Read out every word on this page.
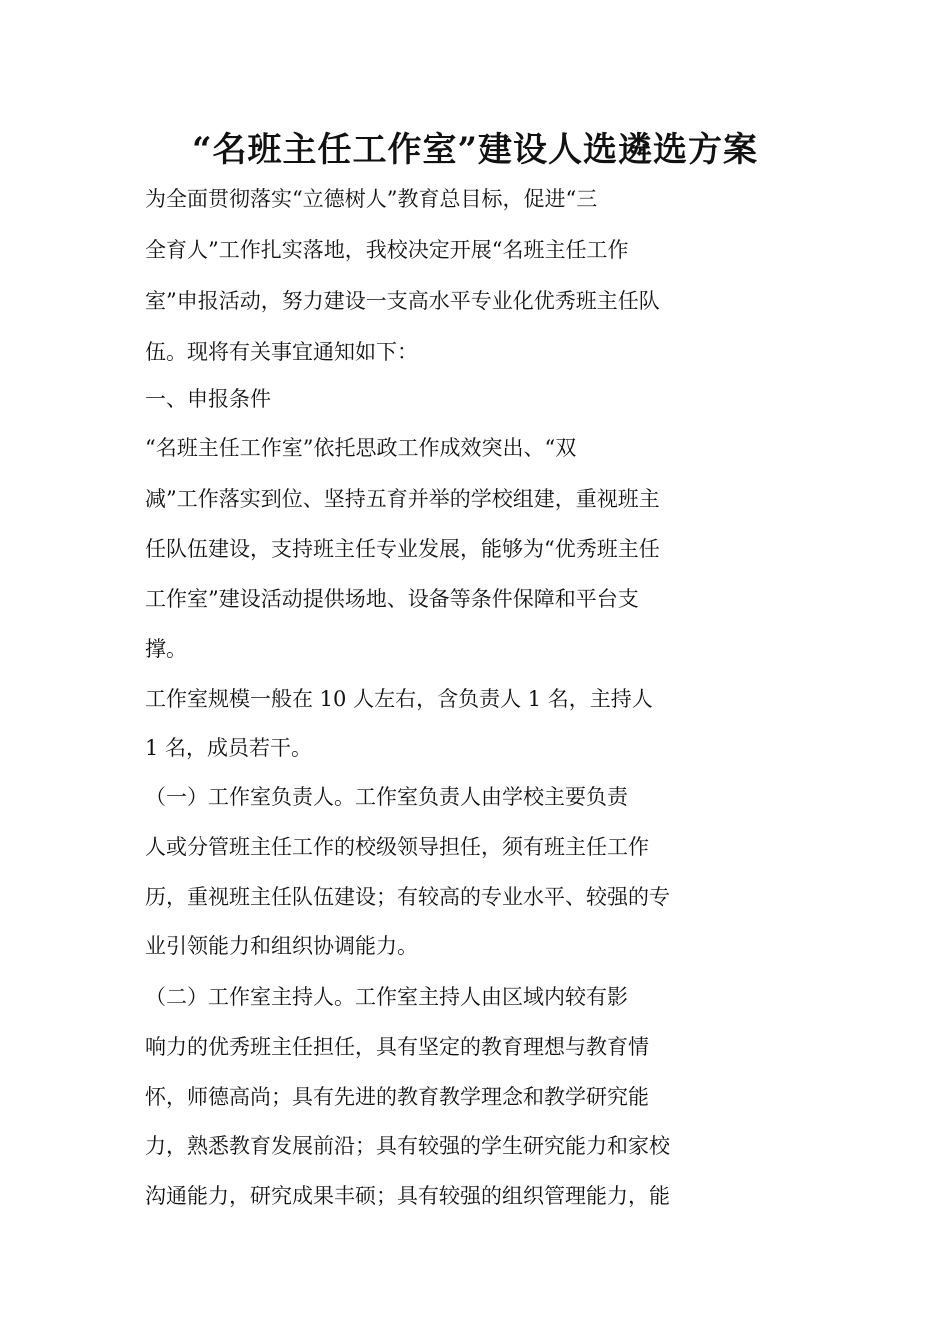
“名班主任工作室”建设人选遴选方案

为全面贯彻落实“立德树人”教育总目标，促进“三

全育人”工作扎实落地，我校决定开展“名班主任工作

室”申报活动，努力建设一支高水平专业化优秀班主任队

伍。现将有关事宜通知如下：

一、申报条件

“名班主任工作室”依托思政工作成效突出、“双

减”工作落实到位、坚持五育并举的学校组建，重视班主

任队伍建设，支持班主任专业发展，能够为“优秀班主任

工作室”建设活动提供场地、设备等条件保障和平台支

撑。

工作室规模一般在 10 人左右，含负责人 1 名，主持人

1 名，成员若干。

（一）工作室负责人。工作室负责人由学校主要负责

人或分管班主任工作的校级领导担任，须有班主任工作

历，重视班主任队伍建设；有较高的专业水平、较强的专

业引领能力和组织协调能力。

（二）工作室主持人。工作室主持人由区域内较有影

响力的优秀班主任担任，具有坚定的教育理想与教育情

怀，师德高尚；具有先进的教育教学理念和教学研究能

力，熟悉教育发展前沿；具有较强的学生研究能力和家校

沟通能力，研究成果丰硕；具有较强的组织管理能力，能
